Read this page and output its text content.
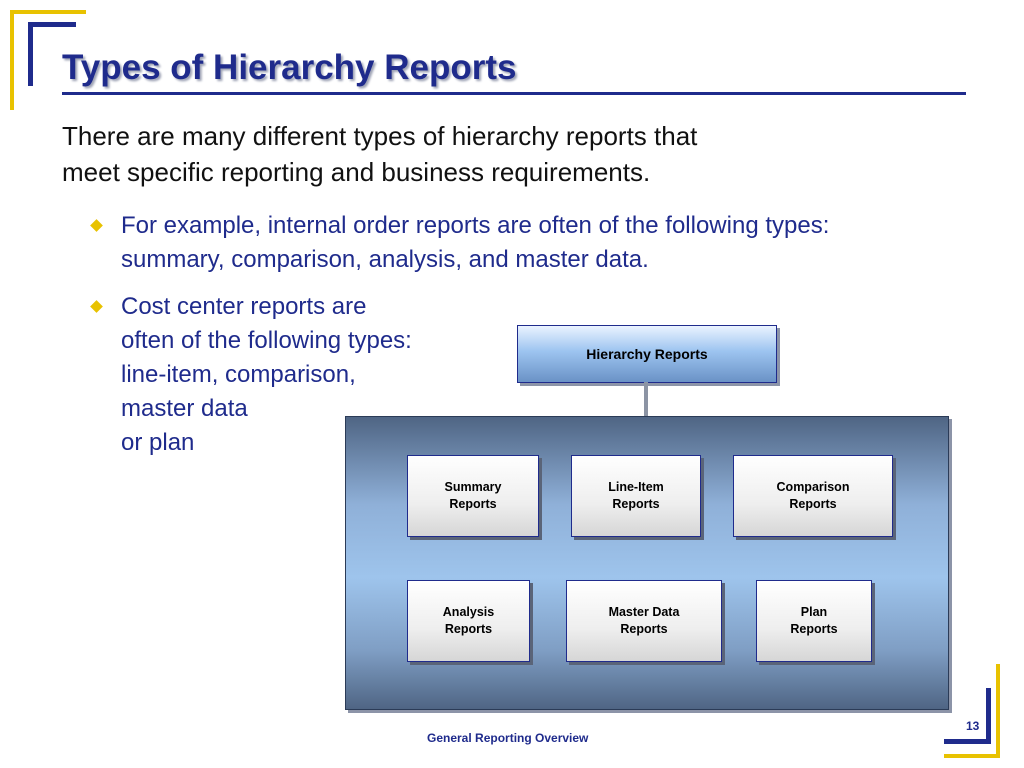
Types of Hierarchy Reports

There are many different types of hierarchy reports that
meet specific reporting and business requirements.

For example, internal order reports are often of the following types: summary, comparison, analysis, and master data.
Cost center reports are
often of the following types:
line-item, comparison,
master data
or plan
Hierarchy Reports
Summary
Reports
Line-Item
Reports
Comparison
Reports
Analysis
Reports
Master Data
Reports
Plan
Reports
General Reporting Overview
13
